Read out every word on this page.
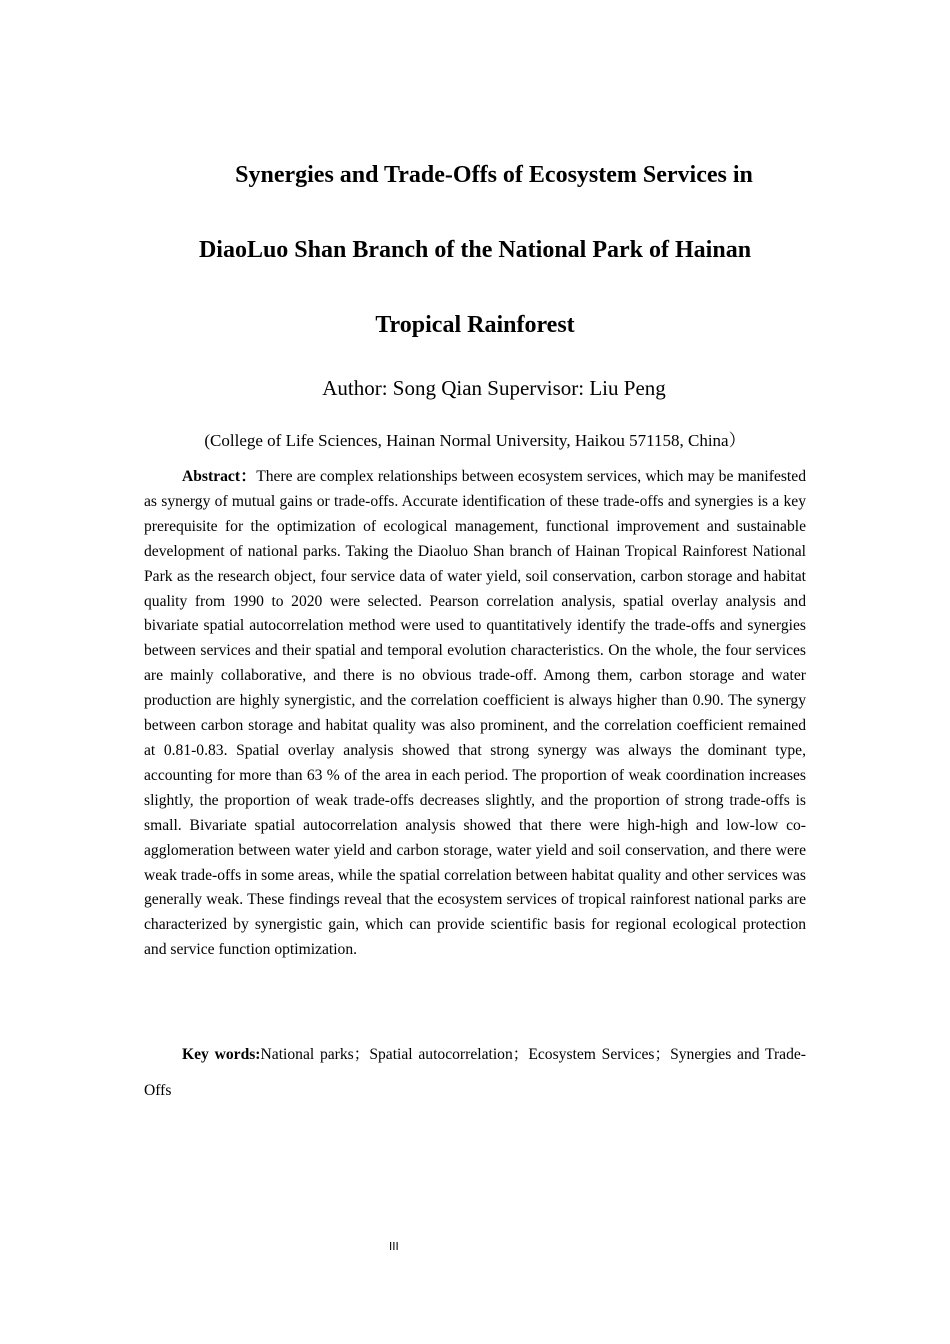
Synergies and Trade-Offs of Ecosystem Services in
DiaoLuo Shan Branch of the National Park of Hainan
Tropical Rainforest
Author: Song Qian Supervisor: Liu Peng
(College of Life Sciences, Hainan Normal University, Haikou 571158, China）

Abstract：There are complex relationships between ecosystem services, which may be manifested as synergy of mutual gains or trade-offs. Accurate identification of these trade-offs and synergies is a key prerequisite for the optimization of ecological management, functional improvement and sustainable development of national parks. Taking the Diaoluo Shan branch of Hainan Tropical Rainforest National Park as the research object, four service data of water yield, soil conservation, carbon storage and habitat quality from 1990 to 2020 were selected. Pearson correlation analysis, spatial overlay analysis and bivariate spatial autocorrelation method were used to quantitatively identify the trade-offs and synergies between services and their spatial and temporal evolution characteristics. On the whole, the four services are mainly collaborative, and there is no obvious trade-off. Among them, carbon storage and water production are highly synergistic, and the correlation coefficient is always higher than 0.90. The synergy between carbon storage and habitat quality was also prominent, and the correlation coefficient remained at 0.81-0.83. Spatial overlay analysis showed that strong synergy was always the dominant type, accounting for more than 63 % of the area in each period. The proportion of weak coordination increases slightly, the proportion of weak trade-offs decreases slightly, and the proportion of strong trade-offs is small. Bivariate spatial autocorrelation analysis showed that there were high-high and low-low co-agglomeration between water yield and carbon storage, water yield and soil conservation, and there were weak trade-offs in some areas, while the spatial correlation between habitat quality and other services was generally weak. These findings reveal that the ecosystem services of tropical rainforest national parks are characterized by synergistic gain, which can provide scientific basis for regional ecological protection and service function optimization.

Key words:National parks；Spatial autocorrelation；Ecosystem Services；Synergies and Trade-Offs

III
